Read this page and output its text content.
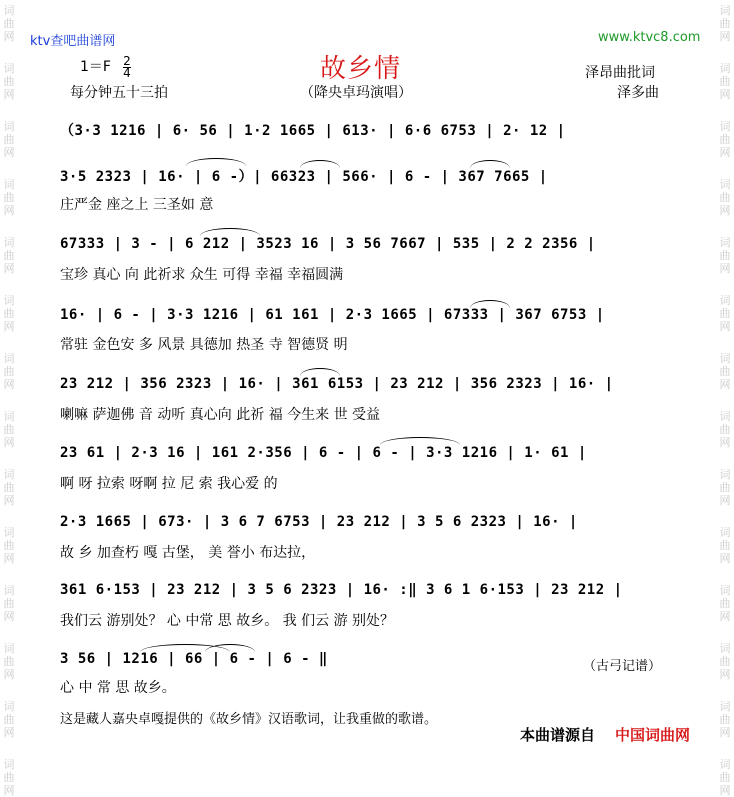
词
曲
网
词
曲
网
词
曲
网
词
曲
网
词
曲
网
词
曲
网
词
曲
网
词
曲
网
词
曲
网
词
曲
网
词
曲
网
词
曲
网
词
曲
网
词
曲
网
词
曲
网
词
曲
网
词
曲
网
词
曲
网
词
曲
网
词
曲
网
词
曲
网
词
曲
网
词
曲
网
词
曲
网
词
曲
网
词
曲
网
词
曲
网
词
曲
网
ktv查吧曲谱网	www.ktvc8.com
故乡情
1＝F 2
4
每分钟五十三拍	（降央卓玛演唱）
泽昂曲批词
泽多曲
（3·3 1216 | 6· 56 | 1·2 1665 | 613· | 6·6 6753 | 2· 12 |
3·5 2323 | 16· | 6 -）| 66323 | 566· | 6 - | 367 7665 |
庄严金 座之上 三圣如 意
67333 | 3 - | 6 212 | 3523 16 | 3 56 7667 | 535 | 2 2 2356 |
宝珍 真心 向 此祈求 众生 可得 幸福 幸福圆满
16· | 6 - | 3·3 1216 | 61 161 | 2·3 1665 | 67333 | 367 6753 |
常驻 金色安 多 风景 具德加 热圣 寺 智德贤 明
23 212 | 356 2323 | 16· | 361 6153 | 23 212 | 356 2323 | 16· |
喇嘛 萨迦佛 音 动听 真心向 此祈 福 今生来 世 受益
23 61 | 2·3 16 | 161 2·356 | 6 - | 6 - | 3·3 1216 | 1· 61 |
啊 呀 拉索 呀啊 拉 尼 索 我心爱 的
2·3 1665 | 673· | 3 6 7 6753 | 23 212 | 3 5 6 2323 | 16· |
故 乡 加查朽 嘎 古堡， 美 誉小 布达拉，
361 6·153 | 23 212 | 3 5 6 2323 | 16· :‖ 3 6 1 6·153 | 23 212 |
我们云 游别处？ 心 中常 思 故乡。 我 们云 游 别处？
3 56 | 1216 | 66 | 6 - | 6 - ‖
心 中 常 思 故乡。
（古弓记谱）
这是藏人嘉央卓嘎提供的《故乡情》汉语歌词，让我重做的歌谱。
本曲谱源自 中国词曲网
